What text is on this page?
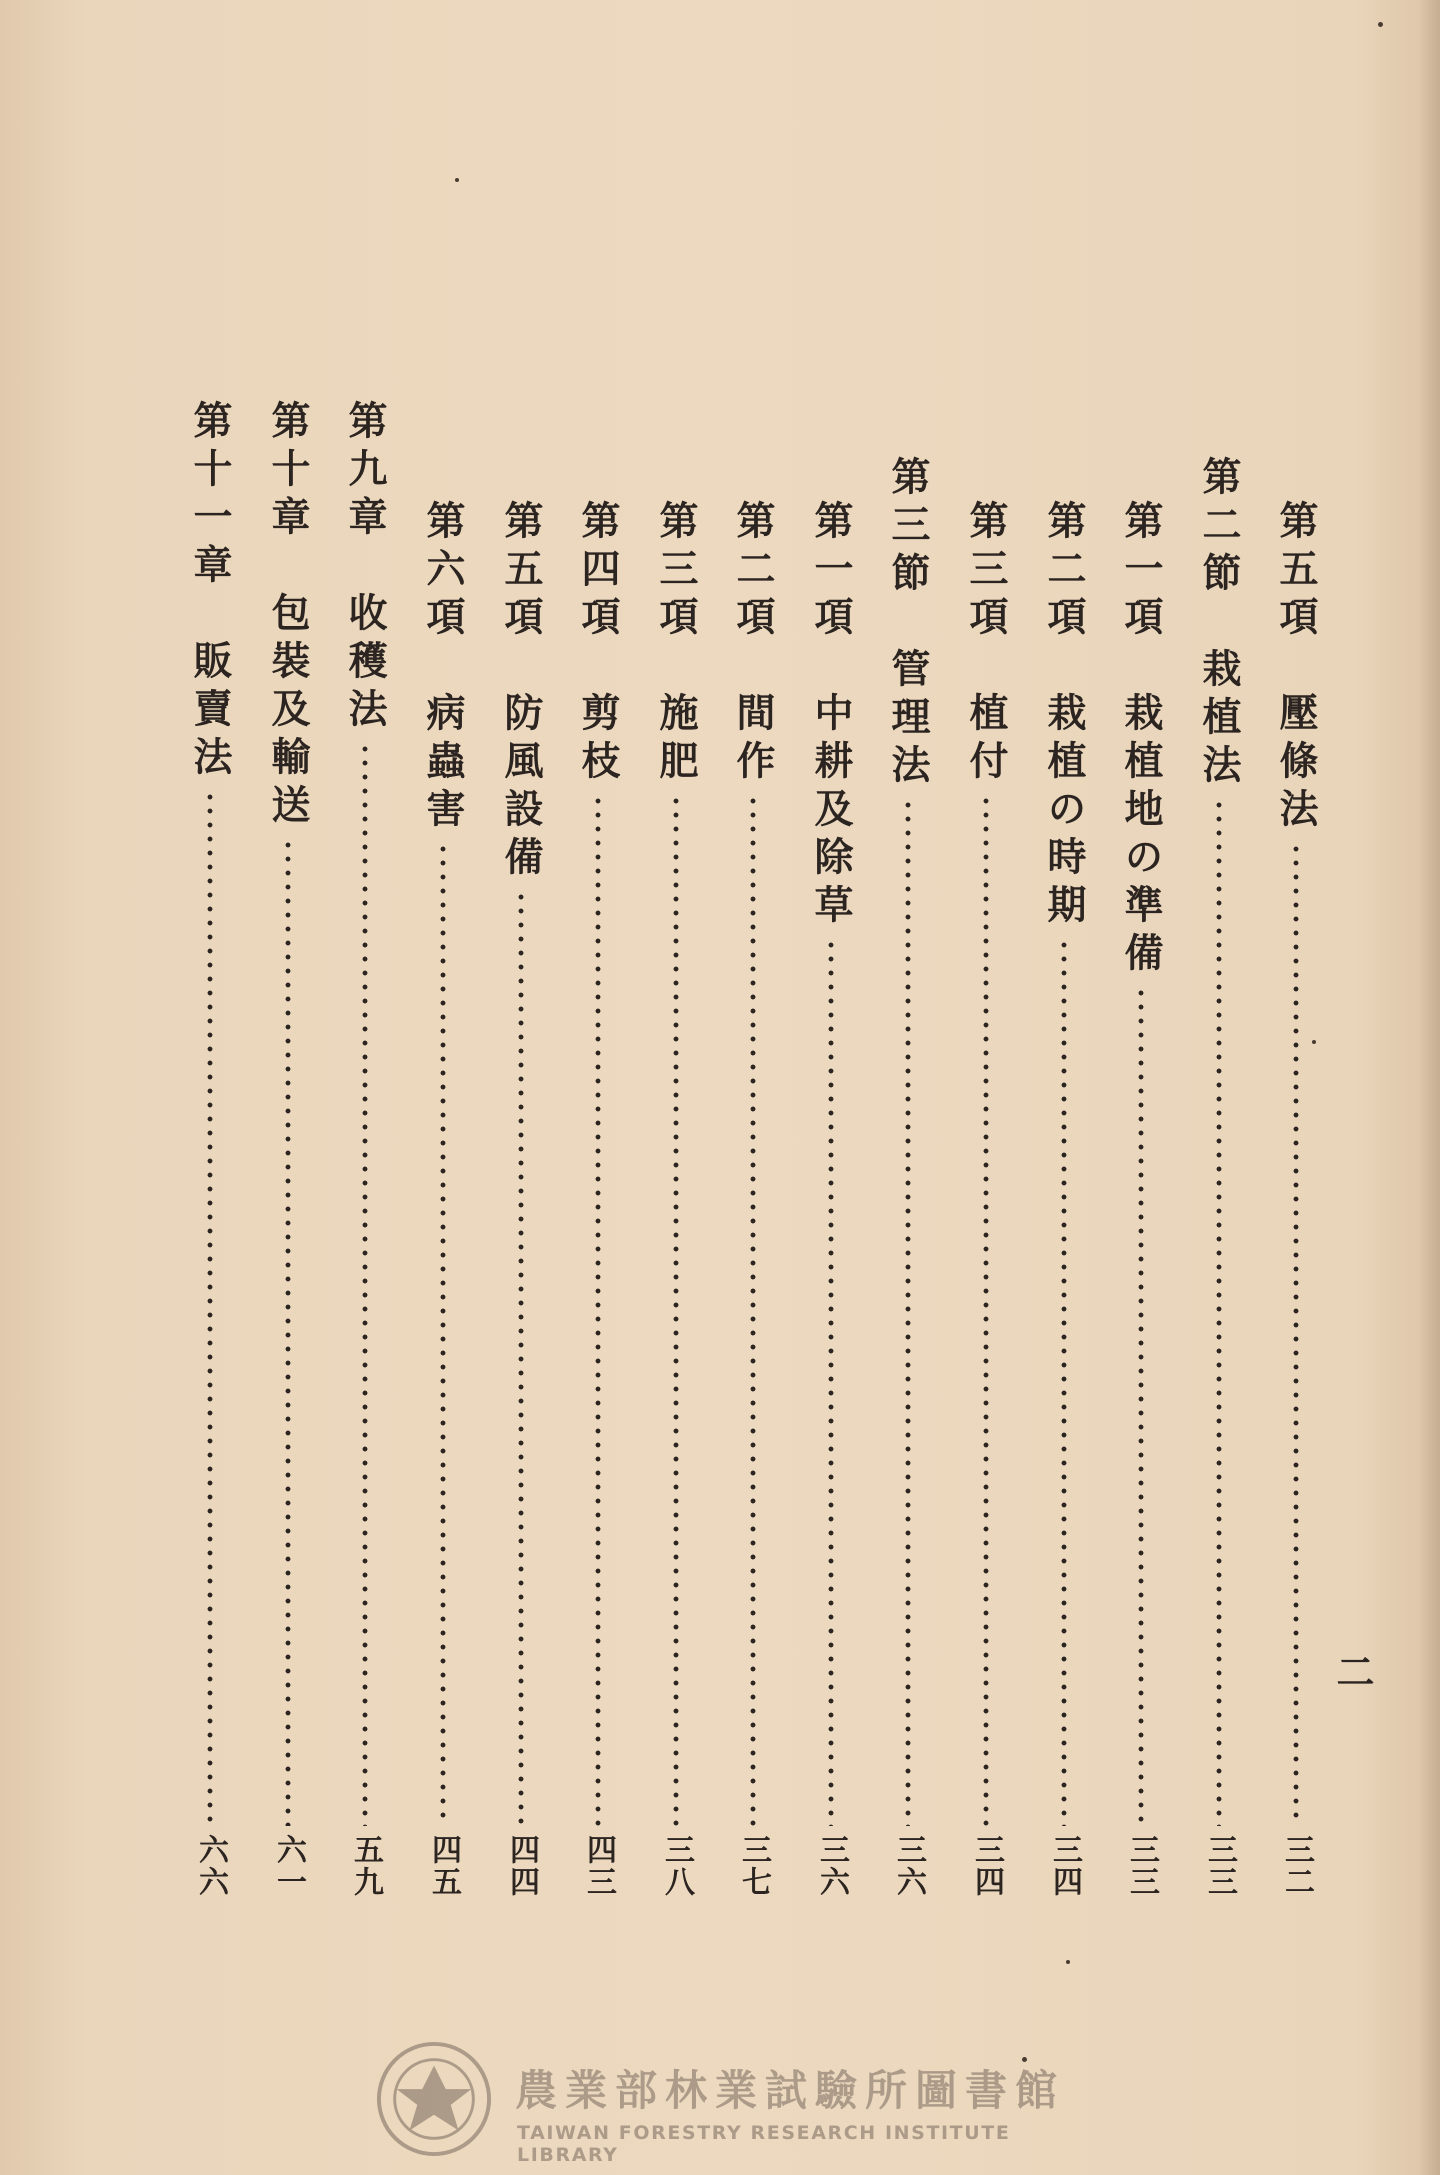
二
第五項　壓條法
三二
第二節　栽植法
三三
第一項　栽植地の準備
三三
第二項　栽植の時期
三四
第三項　植付
三四
第三節　管理法
三六
第一項　中耕及除草
三六
第二項　間作
三七
第三項　施肥
三八
第四項　剪枝
四三
第五項　防風設備
四四
第六項　病蟲害
四五
第九章　收穫法
五九
第十章　包裝及輸送
六一
第十一章　販賣法
六六
農業部林業試驗所圖書館
TAIWAN FORESTRY RESEARCH INSTITUTE LIBRARY
